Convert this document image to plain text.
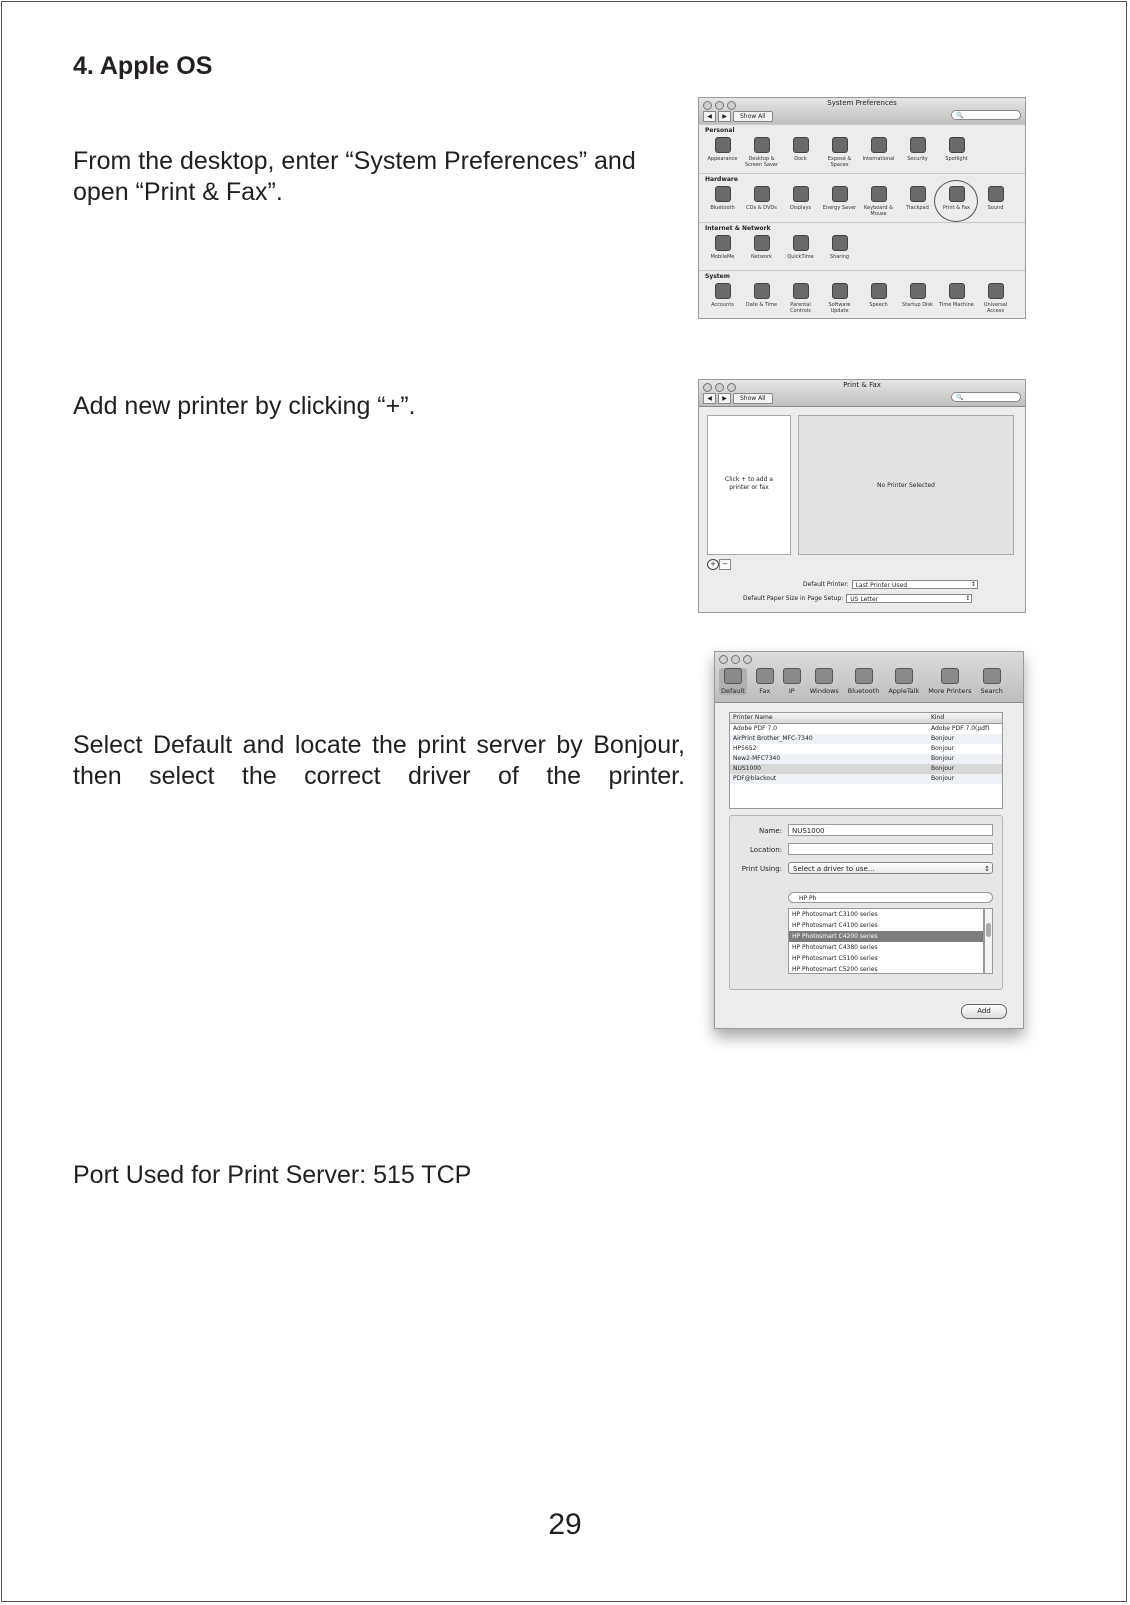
4. Apple OS
From the desktop, enter “System Preferences” and open “Print & Fax”.
Add new printer by clicking “+”.
Select Default and locate the print server by Bonjour, then select the correct driver of the printer.
Port Used for Print Server: 515 TCP
System Preferences
◀	▶	Show All	🔍
Personal
Appearance	Desktop & Screen Saver
Dock	Exposé & Spaces
International	Security	Spotlight
Hardware
Bluetooth CDs & DVDs	Displays Energy Saver	Keyboard & Mouse
Trackpad	Print & Fax	Sound
Internet & Network
MobileMe	Network	QuickTime	Sharing
System
Accounts Date & Time	Parental Controls
Software Update
Speech	Startup Disk Time Machine	Universal Access
Print & Fax
◀	▶	Show All	🔍
Click + to add a printer or fax	No Printer Selected
+ −
Default Printer:	Last Printer Used ↕
Default Paper Size in Page Setup:	US Letter ↕
Default Fax	IP Windows Bluetooth AppleTalk More Printers Search
Printer Name	Kind
Adobe PDF 7.0	Adobe PDF 7.0(pdf)
AirPrint Brother_MFC-7340	Bonjour
HP5652	Bonjour
New2-MFC7340	Bonjour
NUS1000	Bonjour
PDF@blackout	Bonjour
Name:	NUS1000
Location:
Print Using:	Select a driver to use... ↕
HP Ph
HP Photosmart C3100 series
HP Photosmart C4100 series
HP Photosmart C4200 series
HP Photosmart C4380 series
HP Photosmart C5100 series
HP Photosmart C5200 series
Add
29
